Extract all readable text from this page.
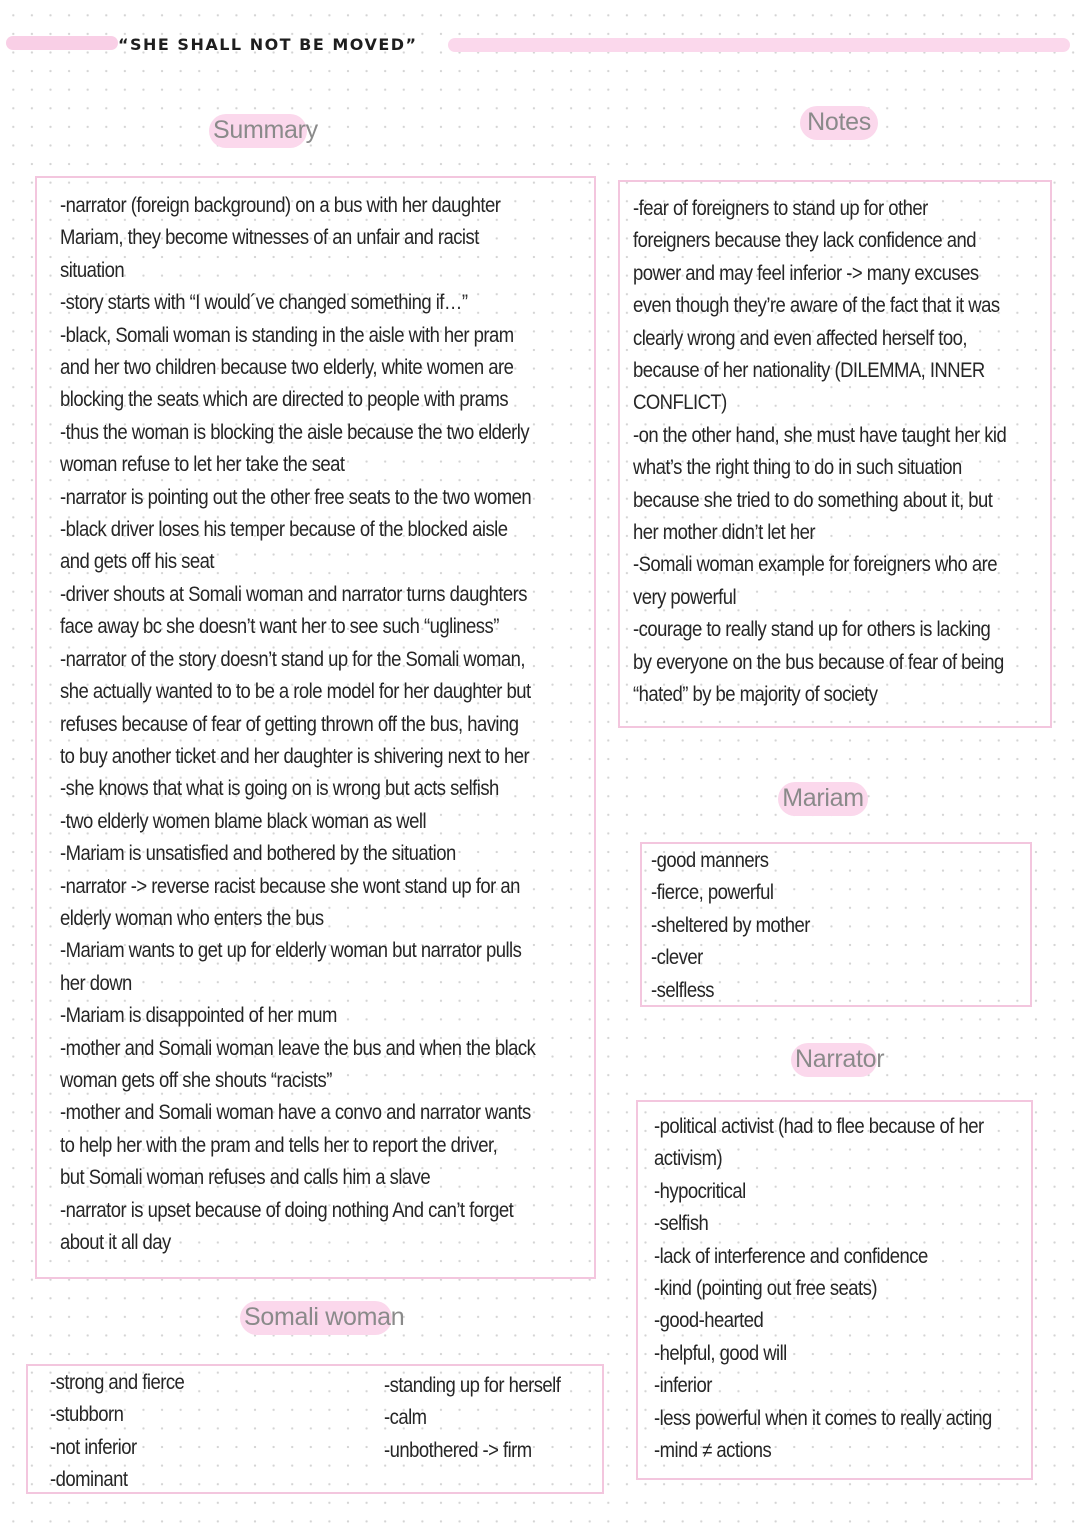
“SHE SHALL NOT BE MOVED”
Summary
-narrator (foreign background) on a bus with her daughter
Mariam, they become witnesses of an unfair and racist
situation
-story starts with “I would´ve changed something if…”
-black, Somali woman is standing in the aisle with her pram
and her two children because two elderly, white women are
blocking the seats which are directed to people with prams
-thus the woman is blocking the aisle because the two elderly
woman refuse to let her take the seat
-narrator is pointing out the other free seats to the two women
-black driver loses his temper because of the blocked aisle
and gets off his seat
-driver shouts at Somali woman and narrator turns daughters
face away bc she doesn’t want her to see such “ugliness”
-narrator of the story doesn’t stand up for the Somali woman,
she actually wanted to to be a role model for her daughter but
refuses because of fear of getting thrown off the bus, having
to buy another ticket and her daughter is shivering next to her
-she knows that what is going on is wrong but acts selfish
-two elderly women blame black woman as well
-Mariam is unsatisfied and bothered by the situation
-narrator -> reverse racist because she wont stand up for an
elderly woman who enters the bus
-Mariam wants to get up for elderly woman but narrator pulls
her down
-Mariam is disappointed of her mum
-mother and Somali woman leave the bus and when the black
woman gets off she shouts “racists”
-mother and Somali woman have a convo and narrator wants
to help her with the pram and tells her to report the driver,
but Somali woman refuses and calls him a slave
-narrator is upset because of doing nothing And can’t forget
about it all day
Notes
-fear of foreigners to stand up for other
foreigners because they lack confidence and
power and may feel inferior -> many excuses
even though they’re aware of the fact that it was
clearly wrong and even affected herself too,
because of her nationality (DILEMMA, INNER
CONFLICT)
-on the other hand, she must have taught her kid
what’s the right thing to do in such situation
because she tried to do something about it, but
her mother didn’t let her
-Somali woman example for foreigners who are
very powerful
-courage to really stand up for others is lacking
by everyone on the bus because of fear of being
“hated” by be majority of society
Mariam
-good manners
-fierce, powerful
-sheltered by mother
-clever
-selfless
Narrator
-political activist (had to flee because of her
activism)
-hypocritical
-selfish
-lack of interference and confidence
-kind (pointing out free seats)
-good-hearted
-helpful, good will
-inferior
-less powerful when it comes to really acting
-mind ≠ actions
Somali woman
-strong and fierce
-stubborn
-not inferior
-dominant
-standing up for herself
-calm
-unbothered -> firm
